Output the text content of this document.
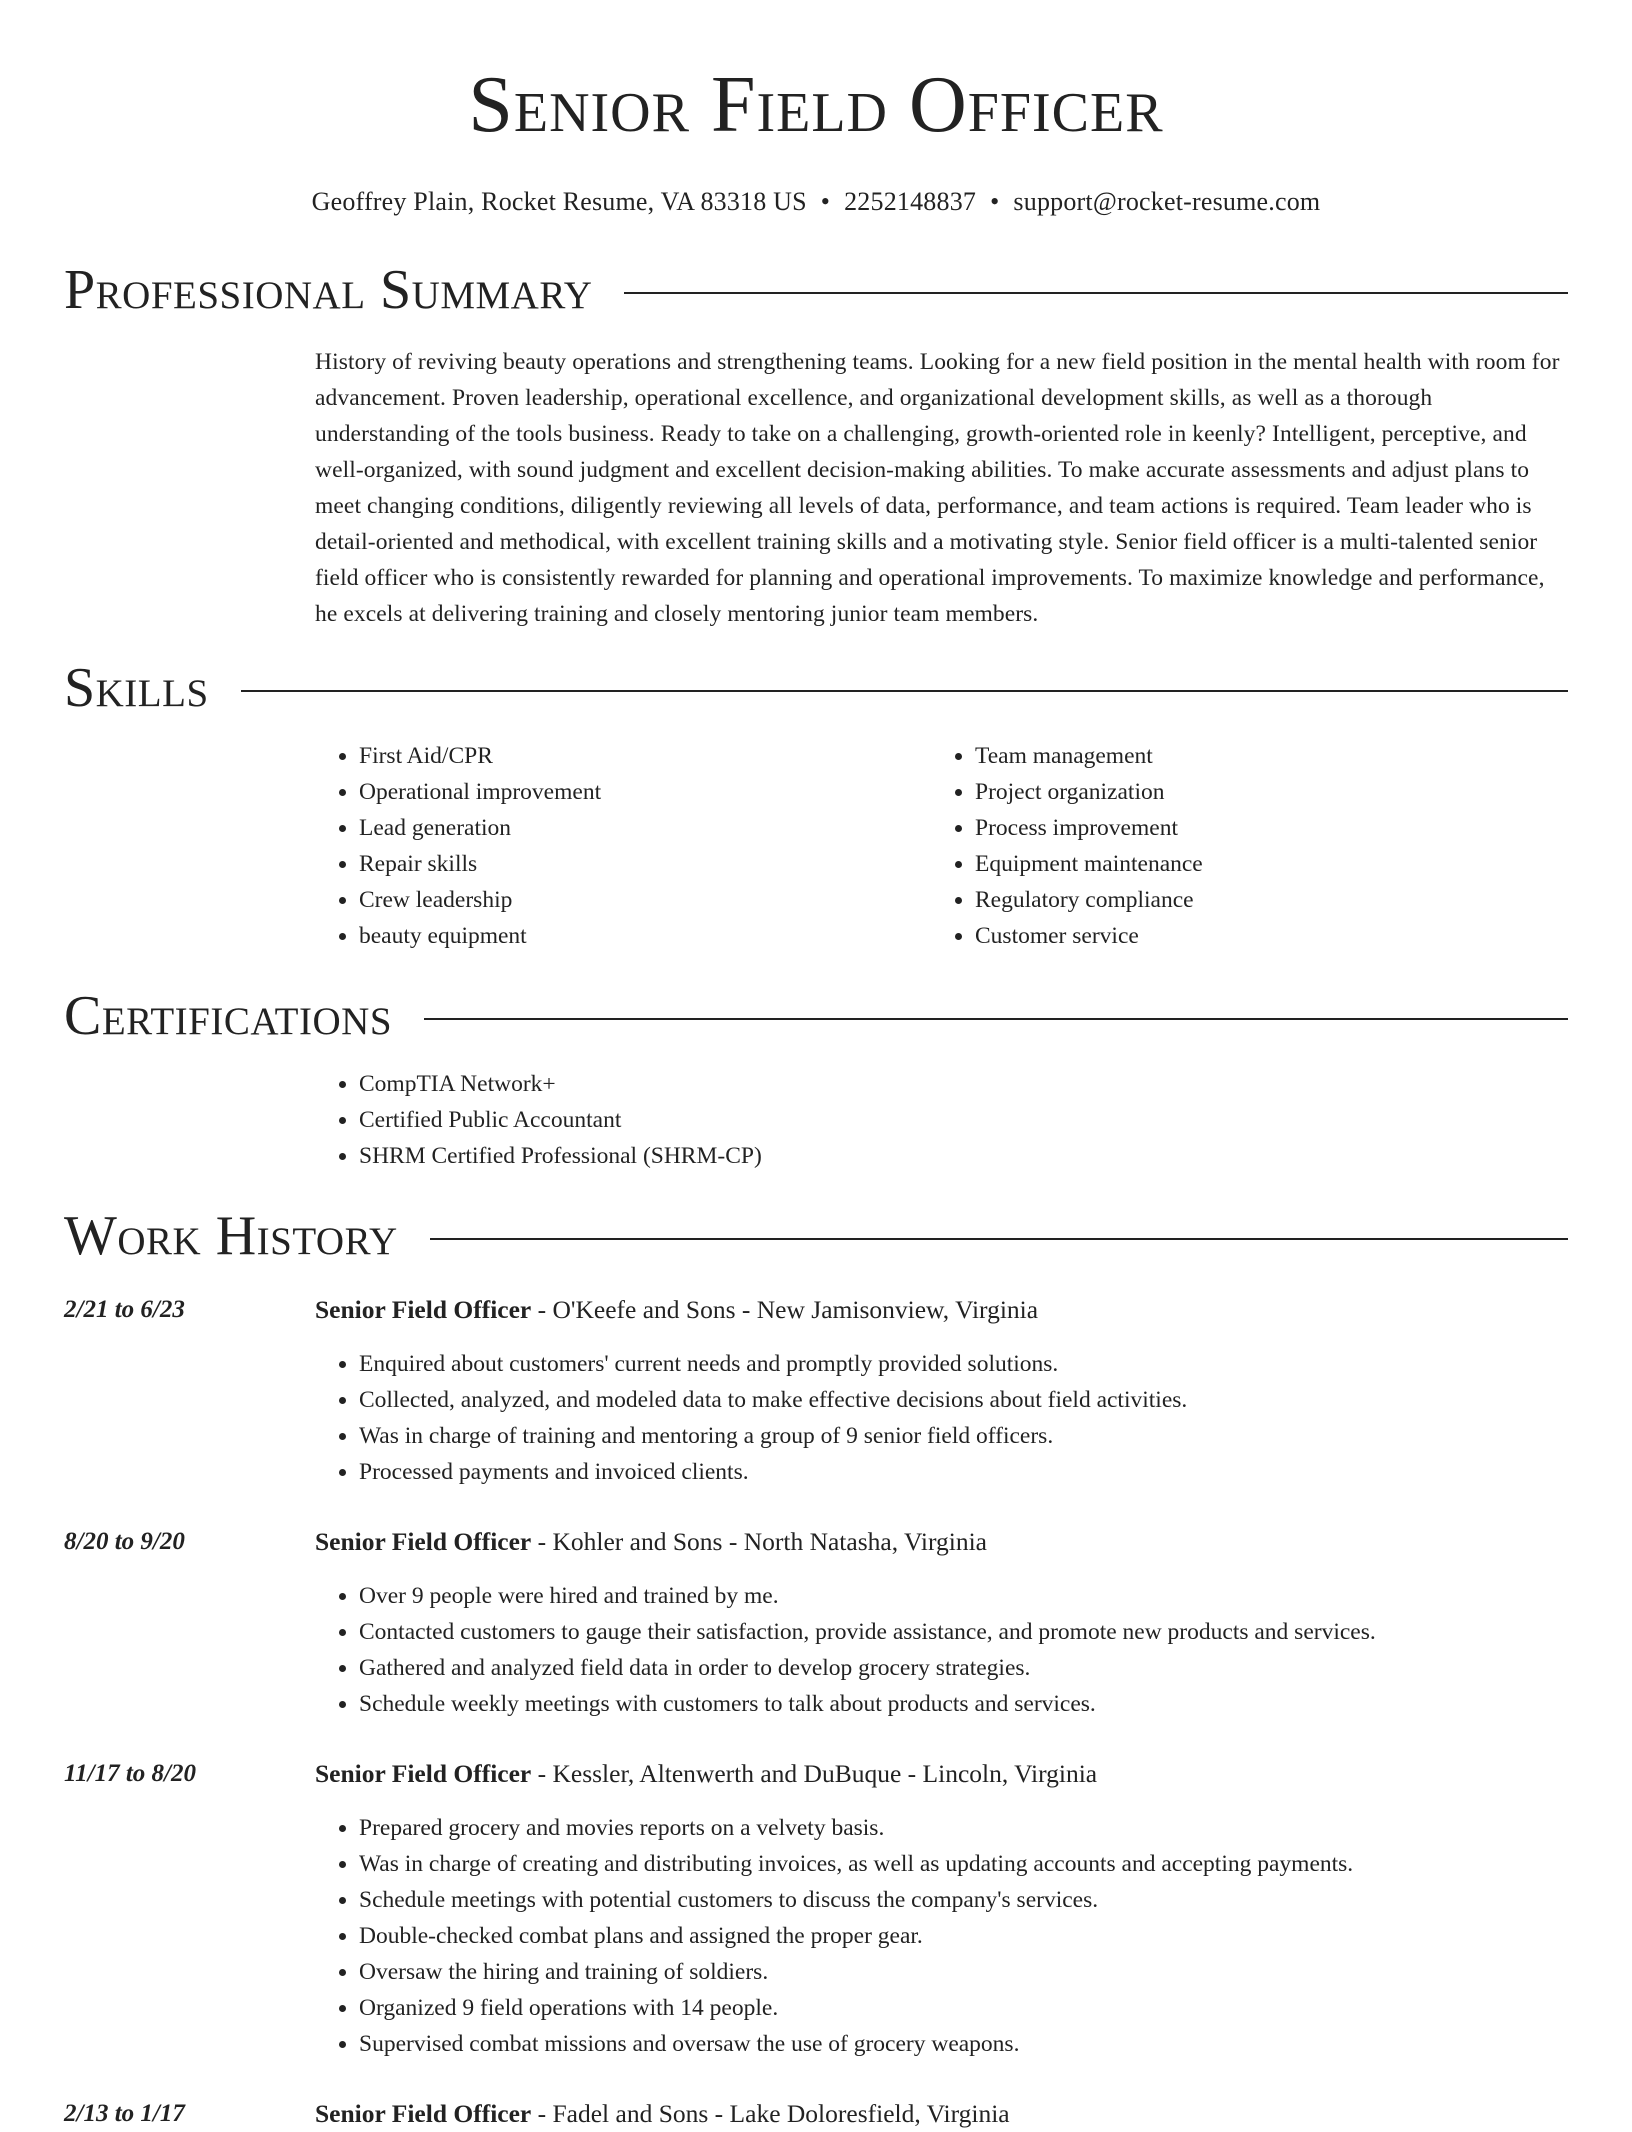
Senior Field Officer
Geoffrey Plain, Rocket Resume, VA 83318 US • 2252148837 • support@rocket-resume.com
Professional Summary

History of reviving beauty operations and strengthening teams. Looking for a new field position in the mental health with room for advancement. Proven leadership, operational excellence, and organizational development skills, as well as a thorough understanding of the tools business. Ready to take on a challenging, growth-oriented role in keenly? Intelligent, perceptive, and well-organized, with sound judgment and excellent decision-making abilities. To make accurate assessments and adjust plans to meet changing conditions, diligently reviewing all levels of data, performance, and team actions is required. Team leader who is detail-oriented and methodical, with excellent training skills and a motivating style. Senior field officer is a multi-talented senior field officer who is consistently rewarded for planning and operational improvements. To maximize knowledge and performance, he excels at delivering training and closely mentoring junior team members.

Skills
• First Aid/CPR
• Operational improvement
• Lead generation
• Repair skills
• Crew leadership
• beauty equipment
• Team management
• Project organization
• Process improvement
• Equipment maintenance
• Regulatory compliance
• Customer service
Certifications
• CompTIA Network+
• Certified Public Accountant
• SHRM Certified Professional (SHRM-CP)
Work History
2/21 to 6/23	Senior Field Officer - O'Keefe and Sons - New Jamisonview, Virginia
• Enquired about customers' current needs and promptly provided solutions.
• Collected, analyzed, and modeled data to make effective decisions about field activities.
• Was in charge of training and mentoring a group of 9 senior field officers.
• Processed payments and invoiced clients.
8/20 to 9/20	Senior Field Officer - Kohler and Sons - North Natasha, Virginia
• Over 9 people were hired and trained by me.
• Contacted customers to gauge their satisfaction, provide assistance, and promote new products and services.
• Gathered and analyzed field data in order to develop grocery strategies.
• Schedule weekly meetings with customers to talk about products and services.
11/17 to 8/20	Senior Field Officer - Kessler, Altenwerth and DuBuque - Lincoln, Virginia
• Prepared grocery and movies reports on a velvety basis.
• Was in charge of creating and distributing invoices, as well as updating accounts and accepting payments.
• Schedule meetings with potential customers to discuss the company's services.
• Double-checked combat plans and assigned the proper gear.
• Oversaw the hiring and training of soldiers.
• Organized 9 field operations with 14 people.
• Supervised combat missions and oversaw the use of grocery weapons.
2/13 to 1/17	Senior Field Officer - Fadel and Sons - Lake Doloresfield, Virginia
